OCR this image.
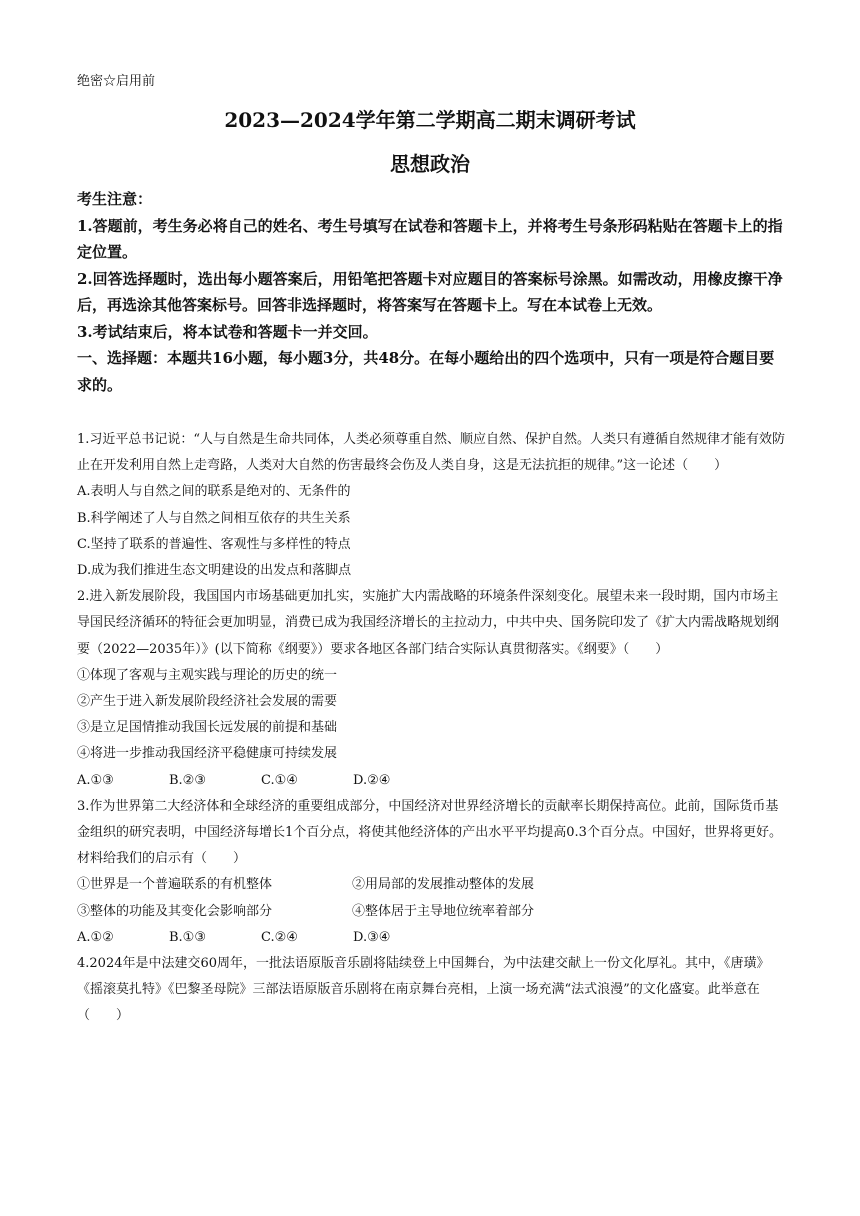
绝密☆启用前
2023—2024学年第二学期高二期末调研考试
思想政治

考生注意：

1.答题前，考生务必将自己的姓名、考生号填写在试卷和答题卡上，并将考生号条形码粘贴在答题卡上的指定位置。

2.回答选择题时，选出每小题答案后，用铅笔把答题卡对应题目的答案标号涂黑。如需改动，用橡皮擦干净后，再选涂其他答案标号。回答非选择题时，将答案写在答题卡上。写在本试卷上无效。

3.考试结束后，将本试卷和答题卡一并交回。

一、选择题：本题共16小题，每小题3分，共48分。在每小题给出的四个选项中，只有一项是符合题目要求的。

1.习近平总书记说：“人与自然是生命共同体，人类必须尊重自然、顺应自然、保护自然。人类只有遵循自然规律才能有效防止在开发利用自然上走弯路，人类对大自然的伤害最终会伤及人类自身，这是无法抗拒的规律。”这一论述（　　）

A.表明人与自然之间的联系是绝对的、无条件的

B.科学阐述了人与自然之间相互依存的共生关系

C.坚持了联系的普遍性、客观性与多样性的特点

D.成为我们推进生态文明建设的出发点和落脚点

2.进入新发展阶段，我国国内市场基础更加扎实，实施扩大内需战略的环境条件深刻变化。展望未来一段时期，国内市场主导国民经济循环的特征会更加明显，消费已成为我国经济增长的主拉动力，中共中央、国务院印发了《扩大内需战略规划纲要（2022—2035年）》(以下简称《纲要》）要求各地区各部门结合实际认真贯彻落实。《纲要》（　　）

①体现了客观与主观实践与理论的历史的统一

②产生于进入新发展阶段经济社会发展的需要

③是立足国情推动我国长远发展的前提和基础

④将进一步推动我国经济平稳健康可持续发展

A.①③	B.②③	C.①④	D.②④

3.作为世界第二大经济体和全球经济的重要组成部分，中国经济对世界经济增长的贡献率长期保持高位。此前，国际货币基金组织的研究表明，中国经济每增长1个百分点，将使其他经济体的产出水平平均提高0.3个百分点。中国好，世界将更好。材料给我们的启示有（　　）

①世界是一个普遍联系的有机整体	②用局部的发展推动整体的发展
③整体的功能及其变化会影响部分	④整体居于主导地位统率着部分
A.①②	B.①③	C.②④	D.③④

4.2024年是中法建交60周年，一批法语原版音乐剧将陆续登上中国舞台，为中法建交献上一份文化厚礼。其中，《唐璜》《摇滚莫扎特》《巴黎圣母院》三部法语原版音乐剧将在南京舞台亮相，上演一场充满“法式浪漫”的文化盛宴。此举意在（　　）
